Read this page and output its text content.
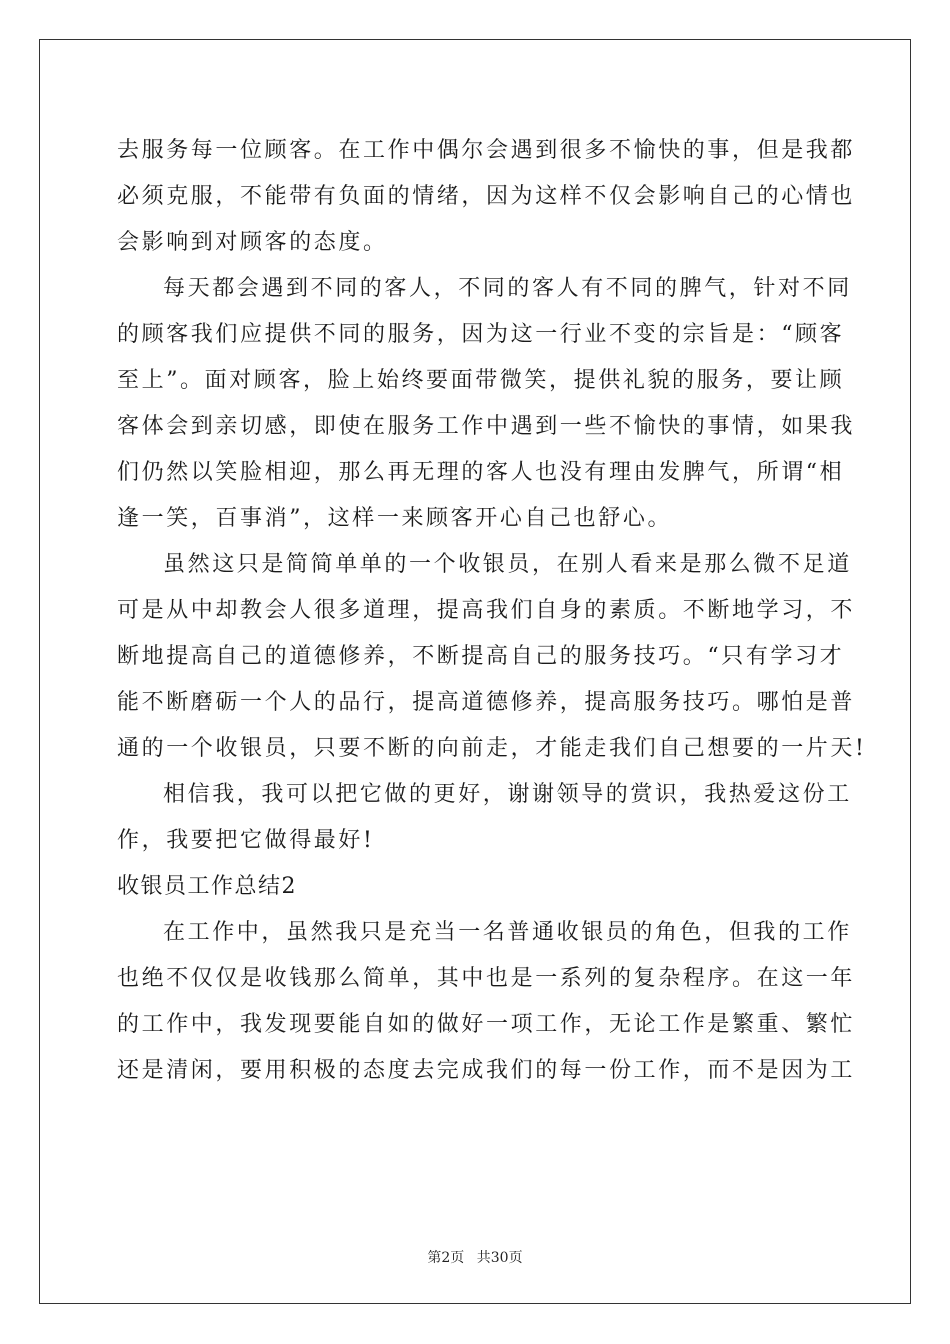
去服务每一位顾客。在工作中偶尔会遇到很多不愉快的事，但是我都
必须克服，不能带有负面的情绪，因为这样不仅会影响自己的心情也
会影响到对顾客的态度。
每天都会遇到不同的客人，不同的客人有不同的脾气，针对不同
的顾客我们应提供不同的服务，因为这一行业不变的宗旨是：“顾客
至上”。面对顾客，脸上始终要面带微笑，提供礼貌的服务，要让顾
客体会到亲切感，即使在服务工作中遇到一些不愉快的事情，如果我
们仍然以笑脸相迎，那么再无理的客人也没有理由发脾气，所谓“相
逢一笑，百事消”，这样一来顾客开心自己也舒心。
虽然这只是简简单单的一个收银员，在别人看来是那么微不足道
可是从中却教会人很多道理，提高我们自身的素质。不断地学习，不
断地提高自己的道德修养，不断提高自己的服务技巧。“只有学习才
能不断磨砺一个人的品行，提高道德修养，提高服务技巧。哪怕是普
通的一个收银员，只要不断的向前走，才能走我们自己想要的一片天!
相信我，我可以把它做的更好，谢谢领导的赏识，我热爱这份工
作，我要把它做得最好!
收银员工作总结2
在工作中，虽然我只是充当一名普通收银员的角色，但我的工作
也绝不仅仅是收钱那么简单，其中也是一系列的复杂程序。在这一年
的工作中，我发现要能自如的做好一项工作，无论工作是繁重、繁忙
还是清闲，要用积极的态度去完成我们的每一份工作，而不是因为工
第2页 共30页
